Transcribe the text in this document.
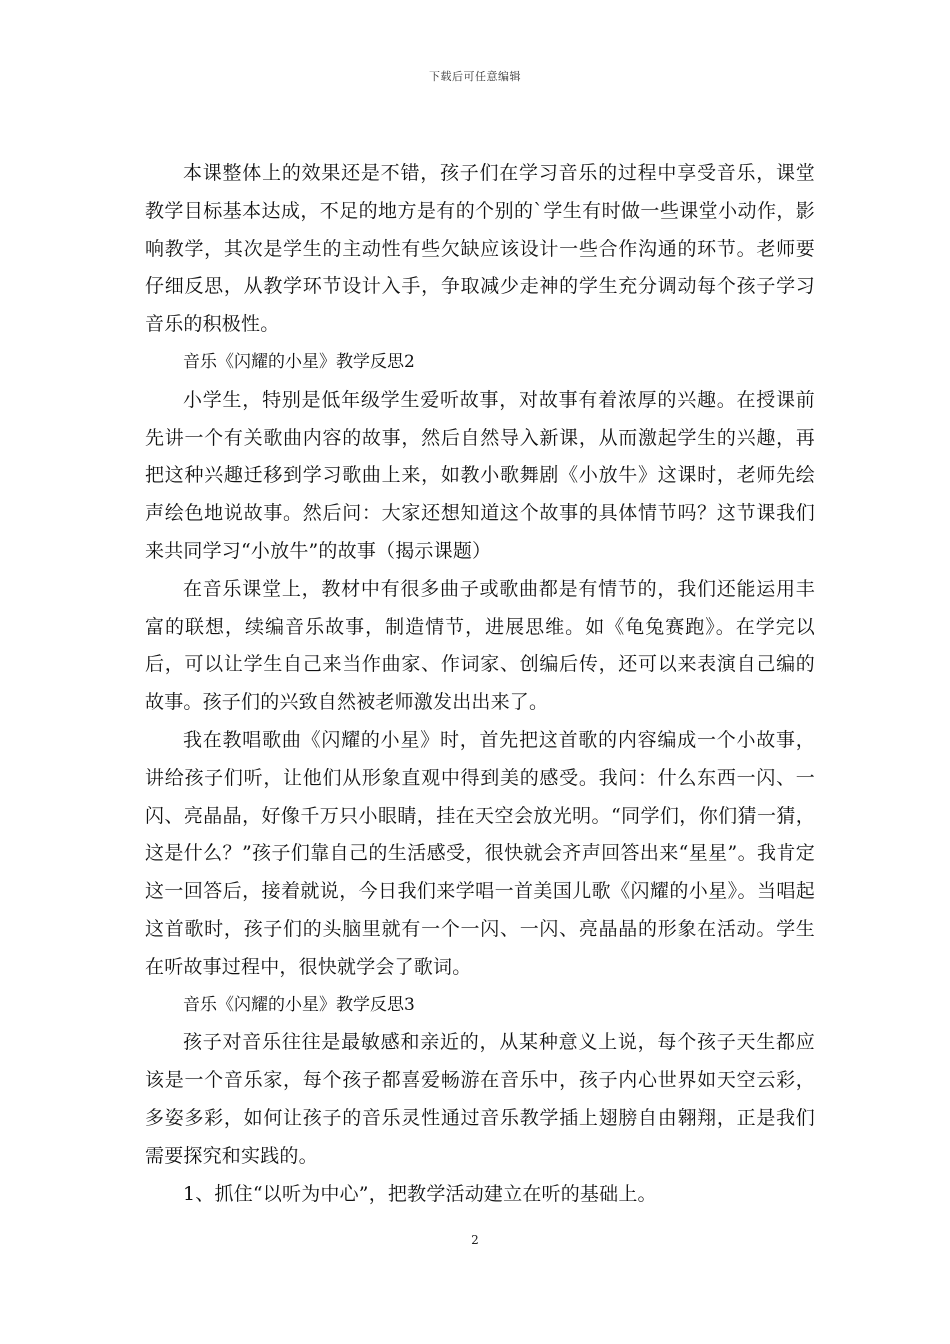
下载后可任意编辑

本课整体上的效果还是不错，孩子们在学习音乐的过程中享受音乐，课堂教学目标基本达成，不足的地方是有的个别的`学生有时做一些课堂小动作，影响教学，其次是学生的主动性有些欠缺应该设计一些合作沟通的环节。老师要仔细反思，从教学环节设计入手，争取减少走神的学生充分调动每个孩子学习音乐的积极性。

音乐《闪耀的小星》教学反思2

小学生，特别是低年级学生爱听故事，对故事有着浓厚的兴趣。在授课前先讲一个有关歌曲内容的故事，然后自然导入新课，从而激起学生的兴趣，再把这种兴趣迁移到学习歌曲上来，如教小歌舞剧《小放牛》这课时，老师先绘声绘色地说故事。然后问：大家还想知道这个故事的具体情节吗？这节课我们来共同学习“小放牛”的故事（揭示课题）

在音乐课堂上，教材中有很多曲子或歌曲都是有情节的，我们还能运用丰富的联想，续编音乐故事，制造情节，进展思维。如《龟兔赛跑》。在学完以后，可以让学生自己来当作曲家、作词家、创编后传，还可以来表演自己编的故事。孩子们的兴致自然被老师激发出出来了。

我在教唱歌曲《闪耀的小星》时，首先把这首歌的内容编成一个小故事，讲给孩子们听，让他们从形象直观中得到美的感受。我问：什么东西一闪、一闪、亮晶晶，好像千万只小眼睛，挂在天空会放光明。“同学们，你们猜一猜，这是什么？”孩子们靠自己的生活感受，很快就会齐声回答出来“星星”。我肯定这一回答后，接着就说，今日我们来学唱一首美国儿歌《闪耀的小星》。当唱起这首歌时，孩子们的头脑里就有一个一闪、一闪、亮晶晶的形象在活动。学生在听故事过程中，很快就学会了歌词。

音乐《闪耀的小星》教学反思3

孩子对音乐往往是最敏感和亲近的，从某种意义上说，每个孩子天生都应该是一个音乐家，每个孩子都喜爱畅游在音乐中，孩子内心世界如天空云彩，多姿多彩，如何让孩子的音乐灵性通过音乐教学插上翅膀自由翱翔，正是我们需要探究和实践的。

1、抓住“以听为中心”，把教学活动建立在听的基础上。

2
